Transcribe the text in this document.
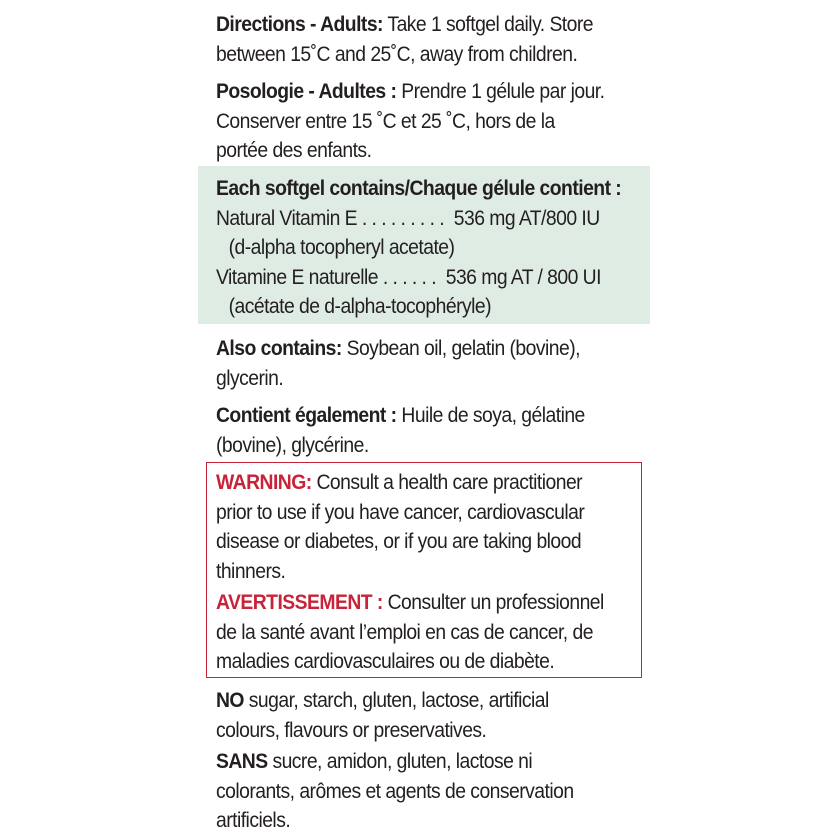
Directions - Adults: Take 1 softgel daily. Store
between 15˚C and 25˚C, away from children.

Posologie - Adultes : Prendre 1 gélule par jour.
Conserver entre 15 ˚C et 25 ˚C, hors de la
portée des enfants.

Each softgel contains/Chaque gélule contient :

Natural Vitamin E . . . . . . . . . 536 mg AT/800 IU
(d-alpha tocopheryl acetate)

Vitamine E naturelle . . . . . . 536 mg AT / 800 UI
(acétate de d-alpha-tocophéryle)

Also contains: Soybean oil, gelatin (bovine),
glycerin.

Contient également : Huile de soya, gélatine
(bovine), glycérine.

WARNING: Consult a health care practitioner
prior to use if you have cancer, cardiovascular
disease or diabetes, or if you are taking blood
thinners.

AVERTISSEMENT : Consulter un professionnel
de la santé avant l’emploi en cas de cancer, de
maladies cardiovasculaires ou de diabète.

NO sugar, starch, gluten, lactose, artificial
colours, flavours or preservatives.

SANS sucre, amidon, gluten, lactose ni
colorants, arômes et agents de conservation
artificiels.
